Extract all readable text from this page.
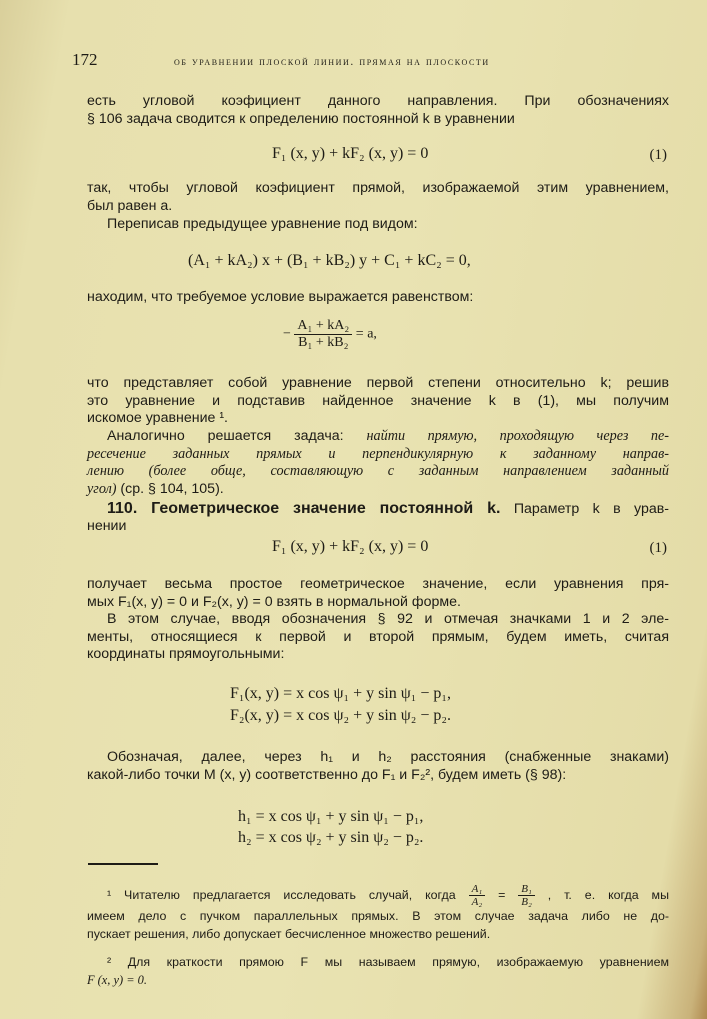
172	об уравнении плоской линии. прямая на плоскости
есть угловой коэфициент данного направления. При обозначениях
§ 106 задача сводится к определению постоянной k в уравнении
F₁ (x, y) + kF₂ (x, y) = 0	(1)
так, чтобы угловой коэфициент прямой, изображаемой этим уравнением,
был равен a.
Переписав предыдущее уравнение под видом:
(A₁ + kA₂) x + (B₁ + kB₂) y + C₁ + kC₂ = 0,
находим, что требуемое условие выражается равенством:
− $\frac{\text{A₁ + kA₂}}{\text{B₁ + kB₂}} = a$,
что представляет собой уравнение первой степени относительно k; решив
это уравнение и подставив найденное значение k в (1), мы получим
искомое уравнение ¹.
Аналогично решается задача: найти прямую, проходящую через пе-
ресечение заданных прямых и перпендикулярную к заданному направ-
лению (более обще, составляющую с заданным направлением заданный
угол) (ср. § 104, 105).
110. Геометрическое значение постоянной k. Параметр k в урав-
нении
F₁ (x, y) + kF₂ (x, y) = 0	(1)
получает весьма простое геометрическое значение, если уравнения пря-
мых F₁(x, y) = 0 и F₂(x, y) = 0 взять в нормальной форме.
В этом случае, вводя обозначения § 92 и отмечая значками 1 и 2 эле-
менты, относящиеся к первой и второй прямым, будем иметь, считая
координаты прямоугольными:
F₁(x, y) = x cos ψ₁ + y sin ψ₁ − p₁,
F₂(x, y) = x cos ψ₂ + y sin ψ₂ − p₂.
Обозначая, далее, через h₁ и h₂ расстояния (снабженные знаками)
какой-либо точки M (x, y) соответственно до F₁ и F₂², будем иметь (§ 98):
h₁ = x cos ψ₁ + y sin ψ₁ − p₁,
h₂ = x cos ψ₂ + y sin ψ₂ − p₂.
¹ Читателю предлагается исследовать случай, когда $\frac{\text{A₁}}{\text{A₂}} = \frac{\text{B₁}}{\text{B₂}}$ , т. е. когда мы
имеем дело с пучком параллельных прямых. В этом случае задача либо не до-
пускает решения, либо допускает бесчисленное множество решений.
² Для краткости прямою F мы называем прямую, изображаемую уравнением
F (x, y) = 0.
